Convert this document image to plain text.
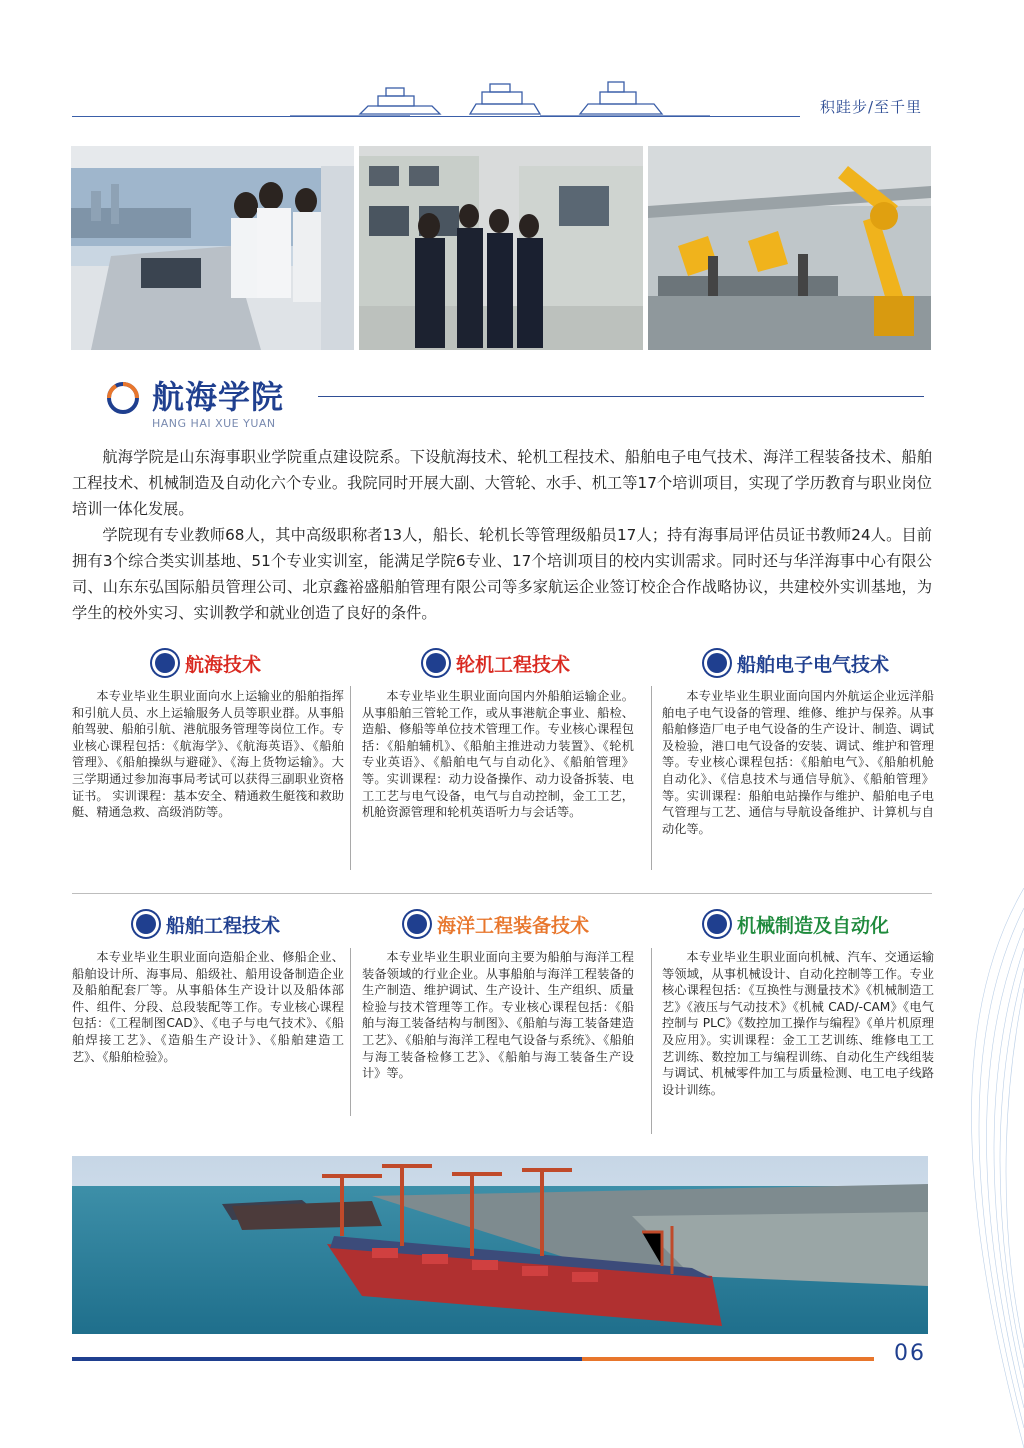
积跬步/至千里
航海学院
HANG HAI XUE YUAN

航海学院是山东海事职业学院重点建设院系。下设航海技术、轮机工程技术、船舶电子电气技术、海洋工程装备技术、船舶工程技术、机械制造及自动化六个专业。我院同时开展大副、大管轮、水手、机工等17个培训项目，实现了学历教育与职业岗位培训一体化发展。

学院现有专业教师68人，其中高级职称者13人，船长、轮机长等管理级船员17人；持有海事局评估员证书教师24人。目前拥有3个综合类实训基地、51个专业实训室，能满足学院6专业、17个培训项目的校内实训需求。同时还与华洋海事中心有限公司、山东东弘国际船员管理公司、北京鑫裕盛船舶管理有限公司等多家航运企业签订校企合作战略协议，共建校外实训基地，为学生的校外实习、实训教学和就业创造了良好的条件。

航海技术
本专业毕业生职业面向水上运输业的船舶指挥和引航人员、水上运输服务人员等职业群。从事船舶驾驶、船舶引航、港航服务管理等岗位工作。专业核心课程包括：《航海学》、《航海英语》、《船舶管理》、《船舶操纵与避碰》、《海上货物运输》。大三学期通过参加海事局考试可以获得三副职业资格证书。 实训课程：基本安全、精通救生艇筏和救助艇、精通急救、高级消防等。
轮机工程技术
本专业毕业生职业面向国内外船舶运输企业。从事船舶三管轮工作，或从事港航企事业、船检、造船、修船等单位技术管理工作。专业核心课程包括：《船舶辅机》、《船舶主推进动力装置》、《轮机专业英语》、《船舶电气与自动化》、《船舶管理》等。实训课程：动力设备操作、动力设备拆装、电工工艺与电气设备，电气与自动控制，金工工艺，机舱资源管理和轮机英语听力与会话等。
船舶电子电气技术
本专业毕业生职业面向国内外航运企业远洋船舶电子电气设备的管理、维修、维护与保养。从事船舶修造厂电子电气设备的生产设计、制造、调试及检验，港口电气设备的安装、调试、维护和管理等。专业核心课程包括：《船舶电气》、《船舶机舱自动化》、《信息技术与通信导航》、《船舶管理》等。实训课程：船舶电站操作与维护、船舶电子电气管理与工艺、通信与导航设备维护、计算机与自动化等。
船舶工程技术
本专业毕业生职业面向造船企业、修船企业、船舶设计所、海事局、船级社、船用设备制造企业及船舶配套厂等。从事船体生产设计以及船体部件、组件、分段、总段装配等工作。专业核心课程包括：《工程制图CAD》、《电子与电气技术》、《船舶焊接工艺》、《造船生产设计》、《船舶建造工艺》、《船舶检验》。
海洋工程装备技术
本专业毕业生职业面向主要为船舶与海洋工程装备领域的行业企业。从事船舶与海洋工程装备的生产制造、维护调试、生产设计、生产组织、质量检验与技术管理等工作。专业核心课程包括：《船舶与海工装备结构与制图》、《船舶与海工装备建造工艺》、《船舶与海洋工程电气设备与系统》、《船舶与海工装备检修工艺》、《船舶与海工装备生产设计》等。
机械制造及自动化
本专业毕业生职业面向机械、汽车、交通运输等领域，从事机械设计、自动化控制等工作。专业核心课程包括：《互换性与测量技术》《机械制造工艺》《液压与气动技术》《机械 CAD/-CAM》《电气控制与 PLC》《数控加工操作与编程》《单片机原理及应用》。实训课程：金工工艺训练、维修电工工艺训练、数控加工与编程训练、自动化生产线组装与调试、机械零件加工与质量检测、电工电子线路设计训练。
06
